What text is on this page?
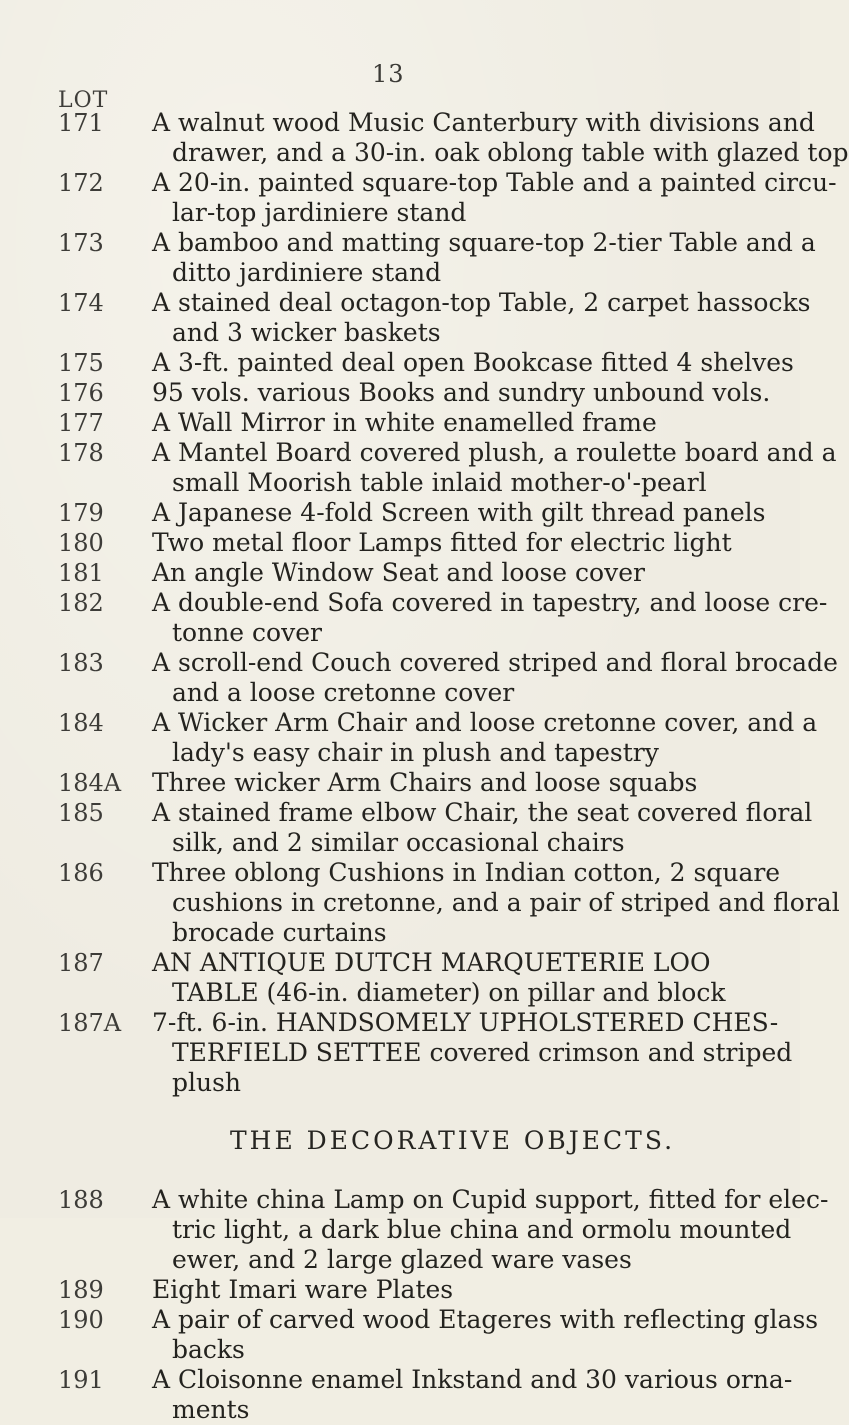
13
LOT
171	A walnut wood Music Canterbury with divisions and
drawer, and a 30-in. oak oblong table with glazed top
172	A 20-in. painted square-top Table and a painted circu-
lar-top jardiniere stand
173	A bamboo and matting square-top 2-tier Table and a
ditto jardiniere stand
174	A stained deal octagon-top Table, 2 carpet hassocks
and 3 wicker baskets
175	A 3-ft. painted deal open Bookcase fitted 4 shelves
176	95 vols. various Books and sundry unbound vols.
177	A Wall Mirror in white enamelled frame
178	A Mantel Board covered plush, a roulette board and a
small Moorish table inlaid mother-o'-pearl
179	A Japanese 4-fold Screen with gilt thread panels
180	Two metal floor Lamps fitted for electric light
181	An angle Window Seat and loose cover
182	A double-end Sofa covered in tapestry, and loose cre-
tonne cover
183	A scroll-end Couch covered striped and floral brocade
and a loose cretonne cover
184	A Wicker Arm Chair and loose cretonne cover, and a
lady's easy chair in plush and tapestry
184A	Three wicker Arm Chairs and loose squabs
185	A stained frame elbow Chair, the seat covered floral
silk, and 2 similar occasional chairs
186	Three oblong Cushions in Indian cotton, 2 square
cushions in cretonne, and a pair of striped and floral
brocade curtains
187	AN ANTIQUE DUTCH MARQUETERIE LOO
TABLE (46-in. diameter) on pillar and block
187A	7-ft. 6-in. HANDSOMELY UPHOLSTERED CHES-
TERFIELD SETTEE covered crimson and striped
plush
THE DECORATIVE OBJECTS.
188	A white china Lamp on Cupid support, fitted for elec-
tric light, a dark blue china and ormolu mounted
ewer, and 2 large glazed ware vases
189	Eight Imari ware Plates
190	A pair of carved wood Etageres with reflecting glass
backs
191	A Cloisonne enamel Inkstand and 30 various orna-
ments
